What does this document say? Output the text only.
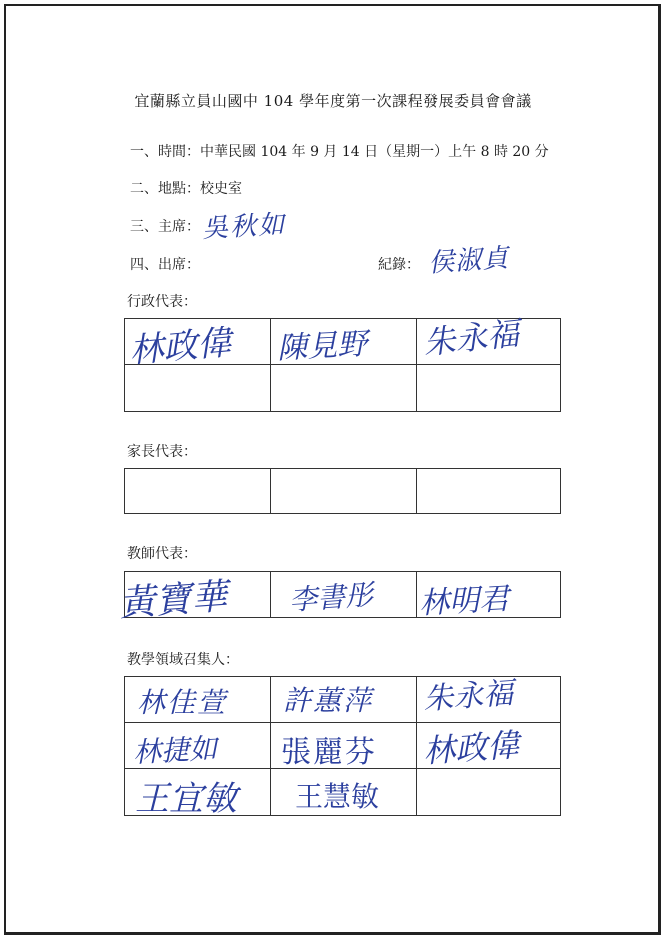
宜蘭縣立員山國中 104 學年度第一次課程發展委員會會議
一、時間：中華民國 104 年 9 月 14 日（星期一）上午 8 時 20 分
二、地點：校史室
三、主席： 吳秋如
四、出席：	紀錄： 侯淑貞
行政代表：
林政偉	陳見野	朱永福

家長代表：

教師代表：
黃寶華	李書彤	林明君
教學領域召集人：
林佳萱	許蕙萍	朱永福

林捷如	張麗芬	林政偉

王宜敏	王慧敏	
